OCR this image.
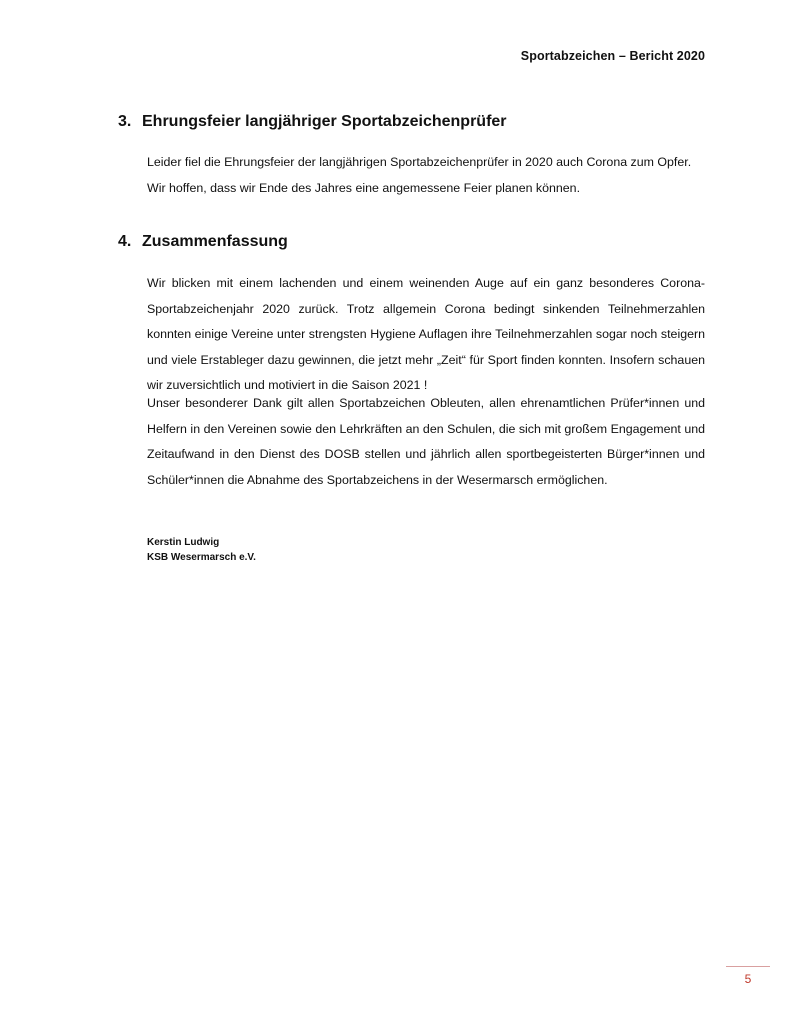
Sportabzeichen – Bericht 2020
3. Ehrungsfeier langjähriger Sportabzeichenprüfer

Leider fiel die Ehrungsfeier der langjährigen Sportabzeichenprüfer in 2020 auch Corona zum Opfer. Wir hoffen, dass wir Ende des Jahres eine angemessene Feier planen können.

4. Zusammenfassung

Wir blicken mit einem lachenden und einem weinenden Auge auf ein ganz besonderes Corona-Sportabzeichenjahr 2020 zurück. Trotz allgemein Corona bedingt sinkenden Teilnehmerzahlen konnten einige Vereine unter strengsten Hygiene Auflagen ihre Teilnehmerzahlen sogar noch steigern und viele Erstableger dazu gewinnen, die jetzt mehr „Zeit“ für Sport finden konnten. Insofern schauen wir zuversichtlich und motiviert in die Saison 2021 !

Unser besonderer Dank gilt allen Sportabzeichen Obleuten, allen ehrenamtlichen Prüfer*innen und Helfern in den Vereinen sowie den Lehrkräften an den Schulen, die sich mit großem Engagement und Zeitaufwand in den Dienst des DOSB stellen und jährlich allen sportbegeisterten Bürger*innen und Schüler*innen die Abnahme des Sportabzeichens in der Wesermarsch ermöglichen.

Kerstin Ludwig
KSB Wesermarsch e.V.
5
